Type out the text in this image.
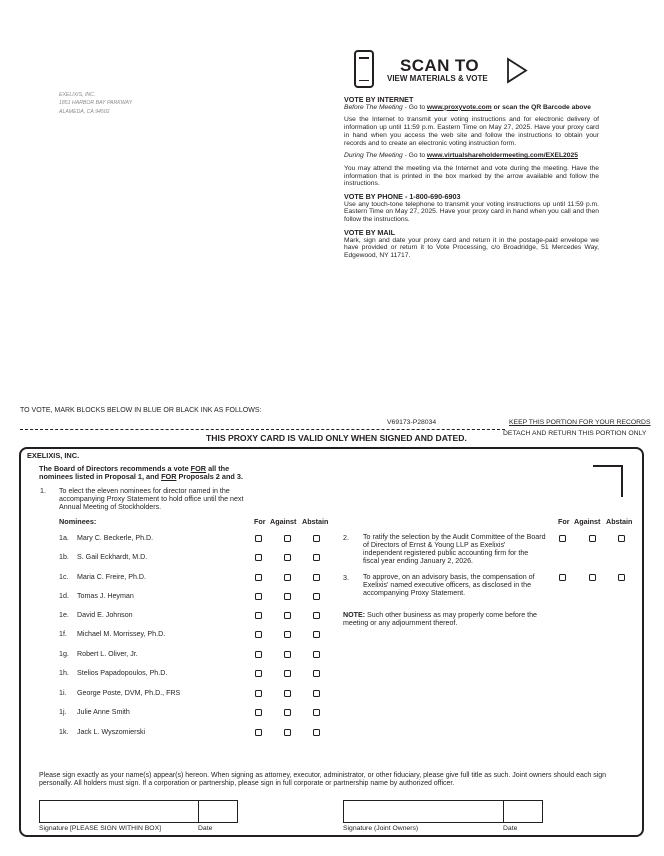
EXELIXIS, INC.
1851 HARBOR BAY PARKWAY
ALAMEDA, CA 94502
SCAN TO
VIEW MATERIALS & VOTE
VOTE BY INTERNET

Before The Meeting - Go to www.proxyvote.com or scan the QR Barcode above

Use the Internet to transmit your voting instructions and for electronic delivery of information up until 11:59 p.m. Eastern Time on May 27, 2025. Have your proxy card in hand when you access the web site and follow the instructions to obtain your records and to create an electronic voting instruction form.

During The Meeting - Go to www.virtualshareholdermeeting.com/EXEL2025

You may attend the meeting via the Internet and vote during the meeting. Have the information that is printed in the box marked by the arrow available and follow the instructions.

VOTE BY PHONE - 1-800-690-6903

Use any touch-tone telephone to transmit your voting instructions up until 11:59 p.m. Eastern Time on May 27, 2025. Have your proxy card in hand when you call and then follow the instructions.

VOTE BY MAIL

Mark, sign and date your proxy card and return it in the postage-paid envelope we have provided or return it to Vote Processing, c/o Broadridge, 51 Mercedes Way, Edgewood, NY 11717.

TO VOTE, MARK BLOCKS BELOW IN BLUE OR BLACK INK AS FOLLOWS:
V69173-P28034	KEEP THIS PORTION FOR YOUR RECORDS
DETACH AND RETURN THIS PORTION ONLY
THIS PROXY CARD IS VALID ONLY WHEN SIGNED AND DATED.
EXELIXIS, INC.
The Board of Directors recommends a vote FOR all the nominees listed in Proposal 1, and FOR Proposals 2 and 3.
1. To elect the eleven nominees for director named in the accompanying Proxy Statement to hold office until the next Annual Meeting of Stockholders.
Nominees:	For Against Abstain	For Against Abstain
1a. Mary C. Beckerle, Ph.D.
1b. S. Gail Eckhardt, M.D.
1c. Maria C. Freire, Ph.D.
1d. Tomas J. Heyman
1e. David E. Johnson
1f. Michael M. Morrissey, Ph.D.
1g. Robert L. Oliver, Jr.
1h. Stelios Papadopoulos, Ph.D.
1i. George Poste, DVM, Ph.D., FRS
1j. Julie Anne Smith
1k. Jack L. Wyszomierski
2. To ratify the selection by the Audit Committee of the Board of Directors of Ernst & Young LLP as Exelixis' independent registered public accounting firm for the fiscal year ending January 2, 2026.
3. To approve, on an advisory basis, the compensation of Exelixis' named executive officers, as disclosed in the accompanying Proxy Statement.
NOTE: Such other business as may properly come before the meeting or any adjournment thereof.
Please sign exactly as your name(s) appear(s) hereon. When signing as attorney, executor, administrator, or other fiduciary, please give full title as such. Joint owners should each sign personally. All holders must sign. If a corporation or partnership, please sign in full corporate or partnership name by authorized officer.
Signature [PLEASE SIGN WITHIN BOX]	Date	Signature (Joint Owners)	Date
